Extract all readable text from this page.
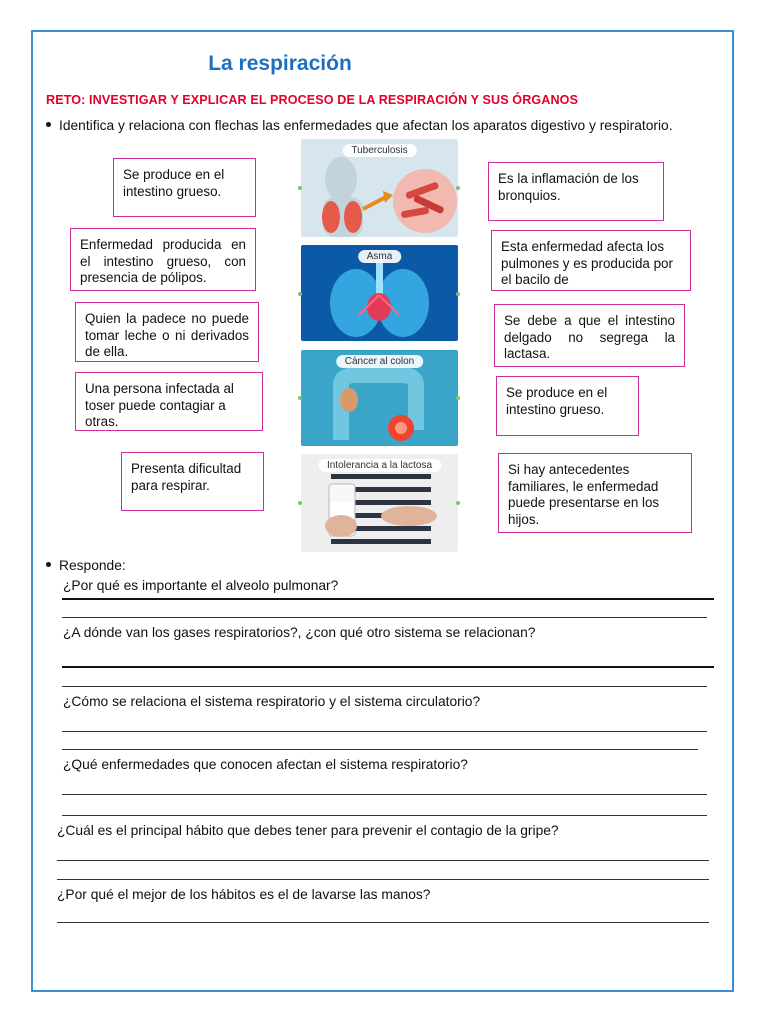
La respiración
RETO: INVESTIGAR Y EXPLICAR EL PROCESO DE LA RESPIRACIÓN Y SUS ÓRGANOS
Identifica y relaciona con flechas las enfermedades que afectan los aparatos digestivo y respiratorio.
Se produce en el intestino grueso.
Enfermedad producida en el intestino grueso, con presencia de pólipos.
Quien la padece no puede tomar leche o ni derivados de ella.
Una persona infectada al toser puede contagiar a otras.
Presenta dificultad para respirar.
Es la inflamación de los bronquios.
Esta enfermedad afecta los pulmones y es producida por el bacilo de
Se debe a que el intestino delgado no segrega la lactasa.
Se produce en el intestino grueso.
Si hay antecedentes familiares, le enfermedad puede presentarse en los hijos.
Tuberculosis
Asma
Cáncer al colon
Intolerancia a la lactosa
Responde:
¿Por qué es importante el alveolo pulmonar?
¿A dónde van los gases respiratorios?, ¿con qué otro sistema se relacionan?
¿Cómo se relaciona el sistema respiratorio y el sistema circulatorio?
¿Qué enfermedades que conocen afectan el sistema respiratorio?
¿Cuál es el principal hábito que debes tener para prevenir el contagio de la gripe?
¿Por qué el mejor de los hábitos es el de lavarse las manos?
